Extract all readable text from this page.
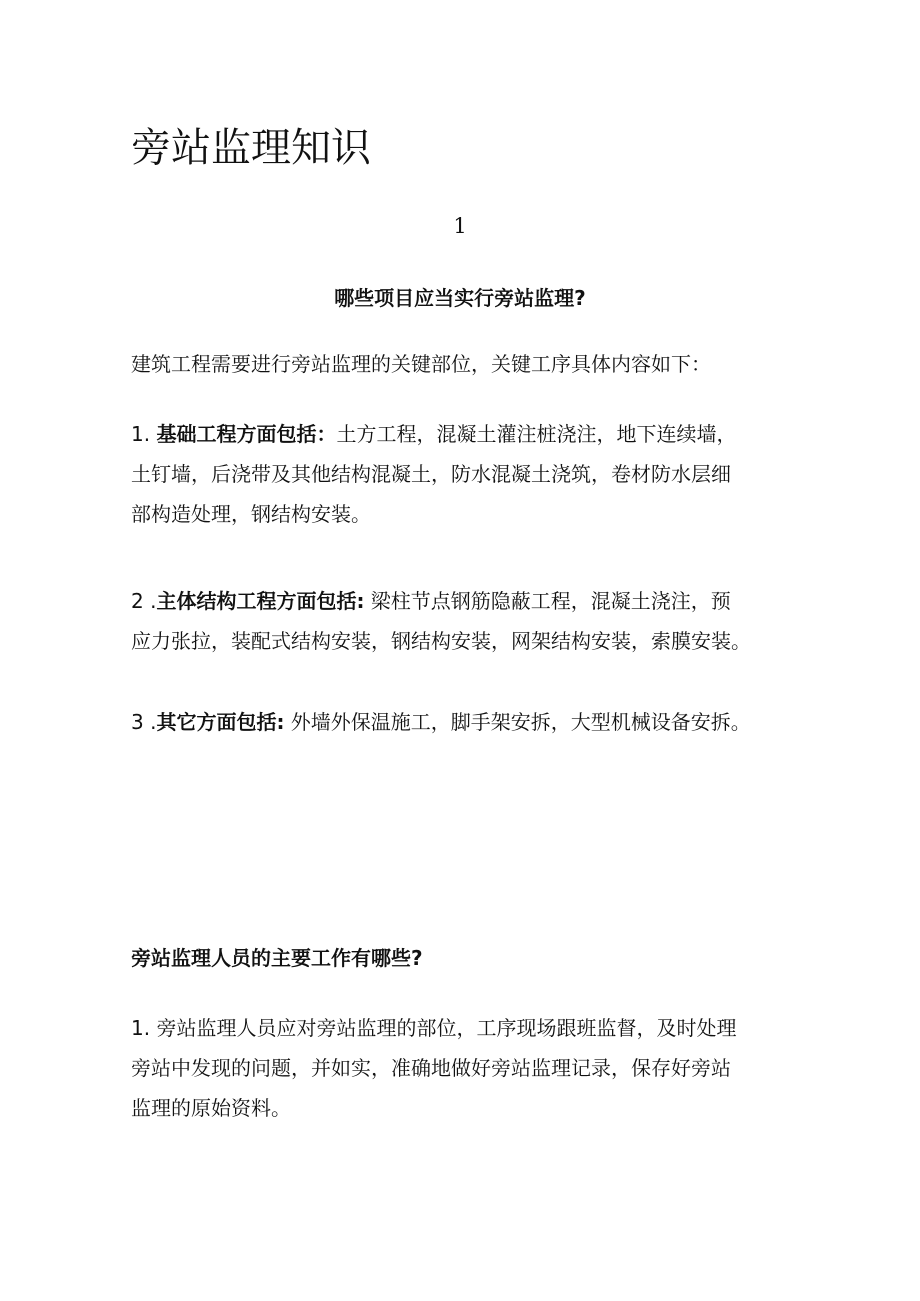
旁站监理知识
1
哪些项目应当实行旁站监理?

建筑工程需要进行旁站监理的关键部位，关键工序具体内容如下：

1. 基础工程方面包括：土方工程，混凝土灌注桩浇注，地下连续墙，
土钉墙，后浇带及其他结构混凝土，防水混凝土浇筑，卷材防水层细
部构造处理，钢结构安装。

2 .主体结构工程方面包括: 梁柱节点钢筋隐蔽工程，混凝土浇注，预
应力张拉，装配式结构安装，钢结构安装，网架结构安装，索膜安装。

3 .其它方面包括: 外墙外保温施工，脚手架安拆，大型机械设备安拆。

旁站监理人员的主要工作有哪些?

1. 旁站监理人员应对旁站监理的部位，工序现场跟班监督，及时处理
旁站中发现的问题，并如实，准确地做好旁站监理记录，保存好旁站
监理的原始资料。
